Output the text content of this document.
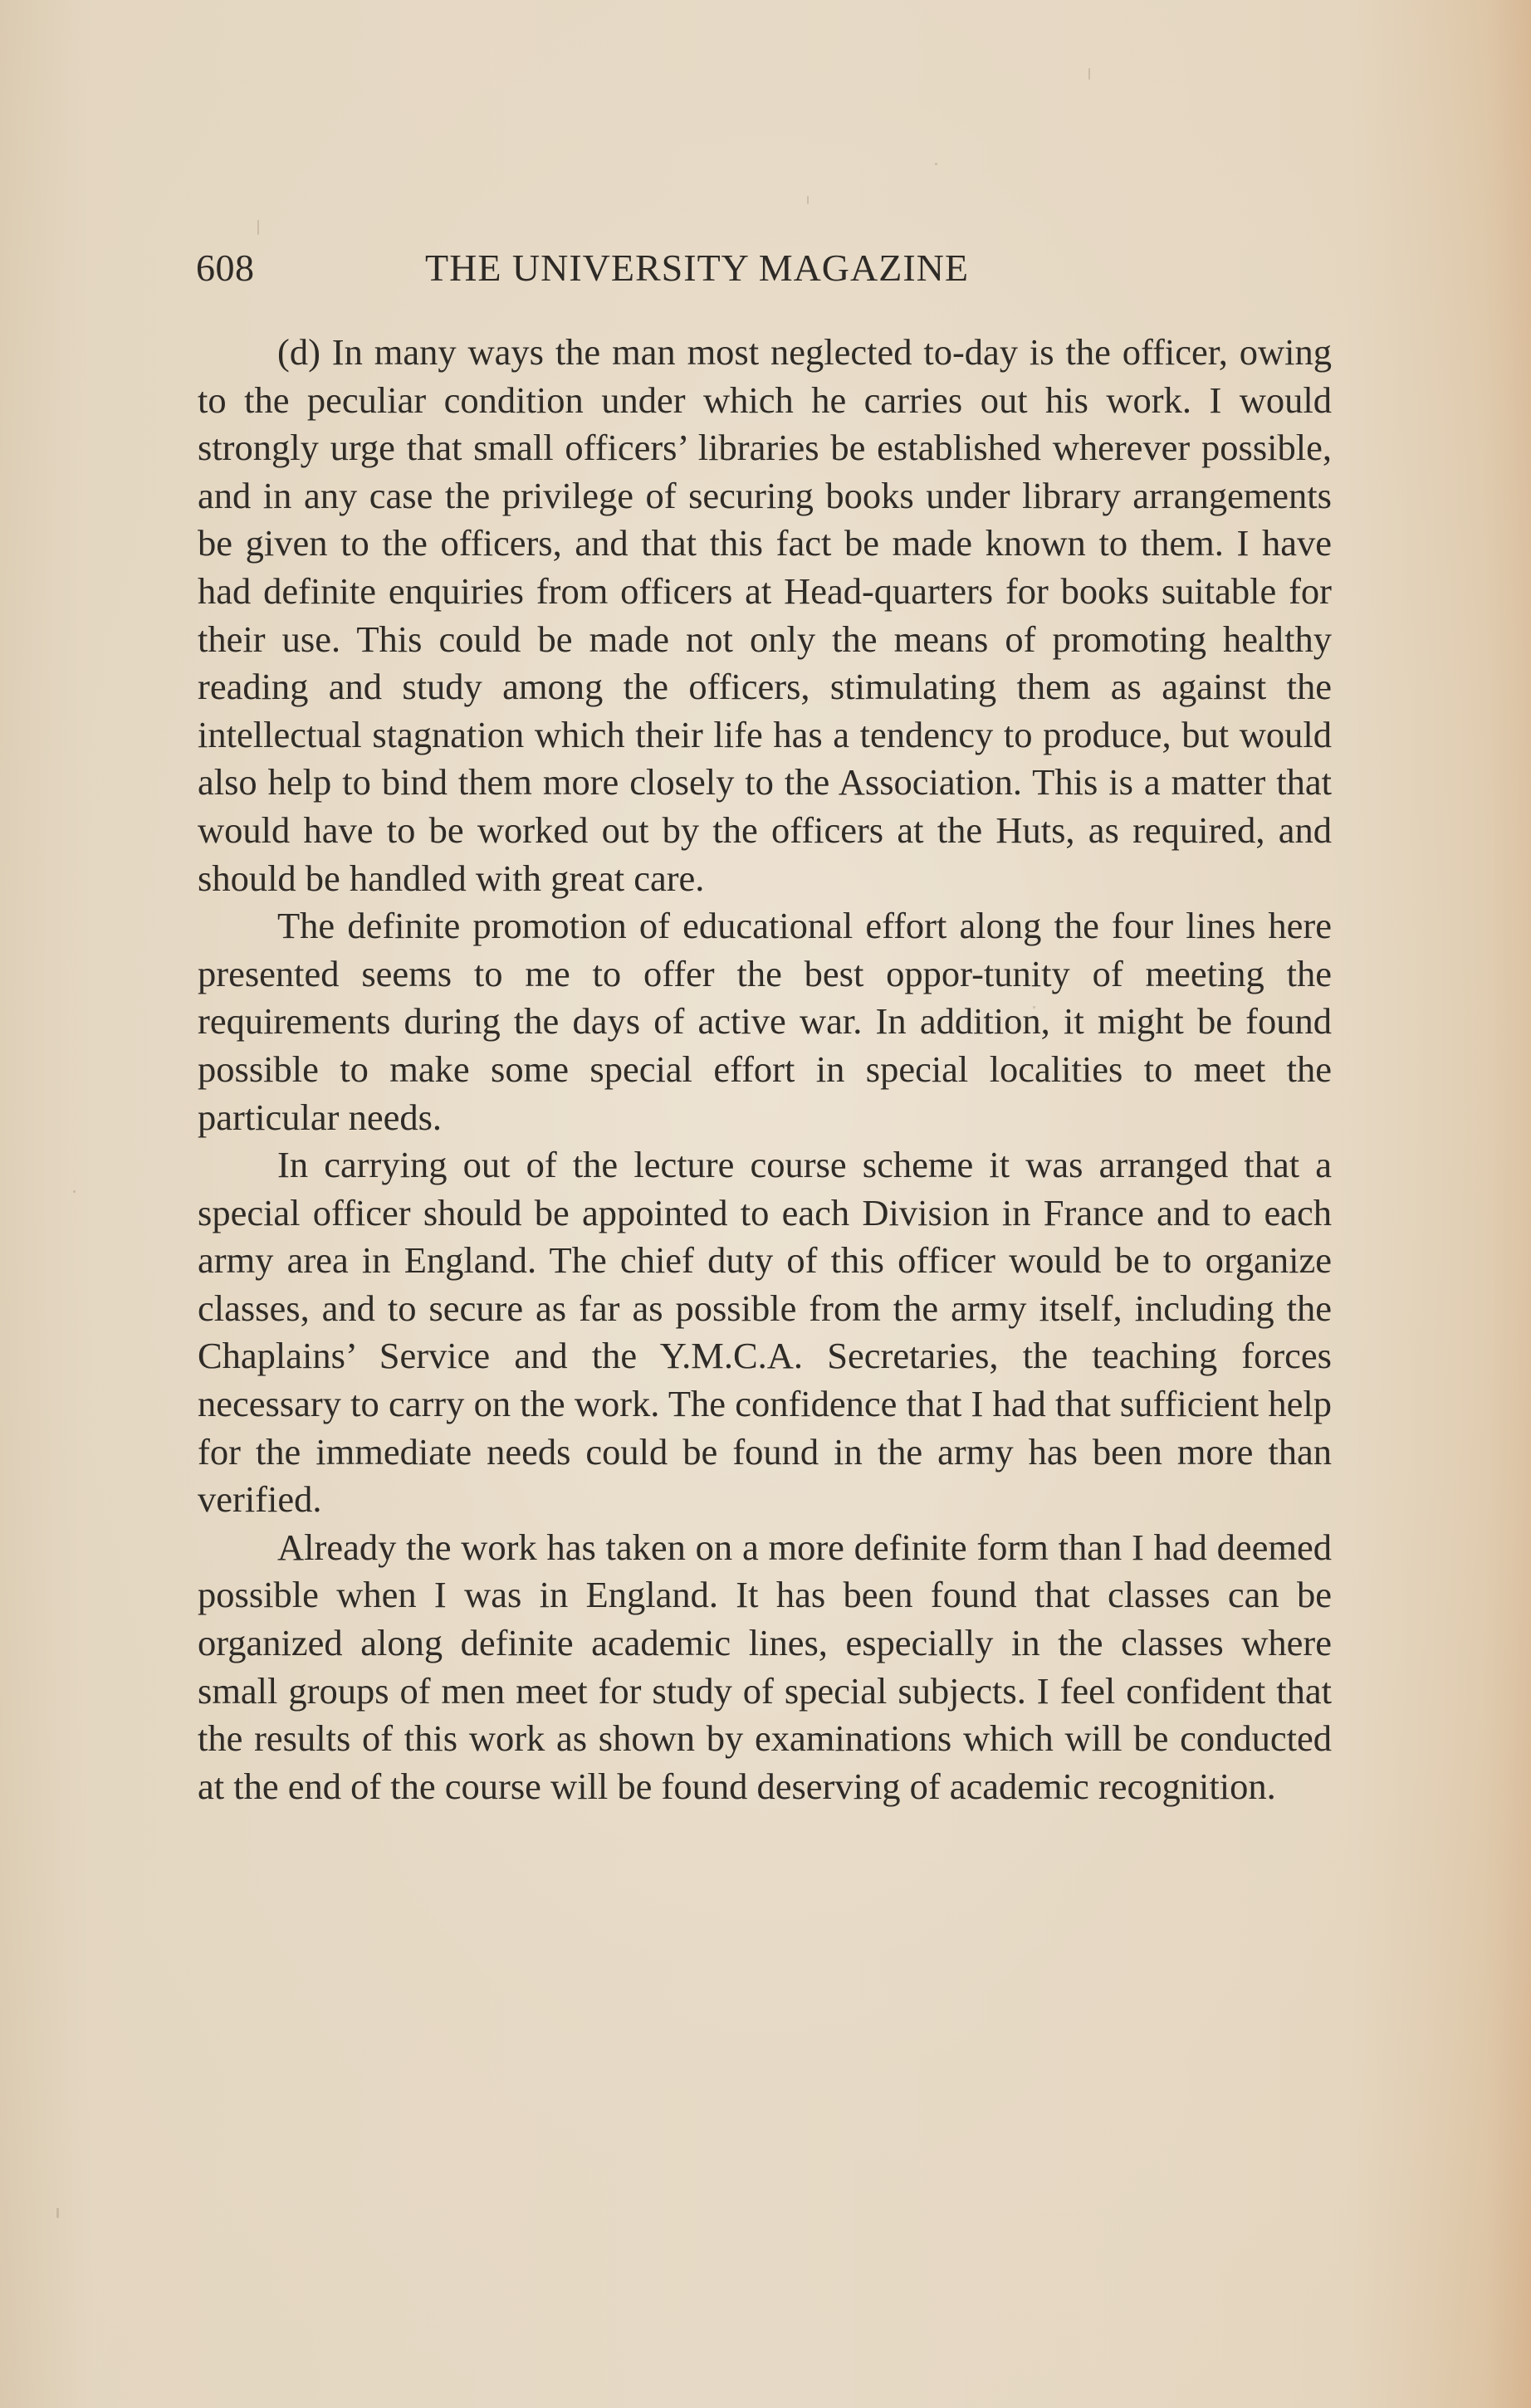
608	THE UNIVERSITY MAGAZINE

(d) In many ways the man most neglected to-day is the officer, owing to the peculiar condition under which he carries out his work. I would strongly urge that small officers’ libraries be established wherever possible, and in any case the privilege of securing books under library arrangements be given to the officers, and that this fact be made known to them. I have had definite enquiries from officers at Head-quarters for books suitable for their use. This could be made not only the means of promoting healthy reading and study among the officers, stimulating them as against the intellectual stagnation which their life has a tendency to produce, but would also help to bind them more closely to the Association. This is a matter that would have to be worked out by the officers at the Huts, as required, and should be handled with great care.

The definite promotion of educational effort along the four lines here presented seems to me to offer the best oppor-tunity of meeting the requirements during the days of active war. In addition, it might be found possible to make some special effort in special localities to meet the particular needs.

In carrying out of the lecture course scheme it was arranged that a special officer should be appointed to each Division in France and to each army area in England. The chief duty of this officer would be to organize classes, and to secure as far as possible from the army itself, including the Chaplains’ Service and the Y.M.C.A. Secretaries, the teaching forces necessary to carry on the work. The confidence that I had that sufficient help for the immediate needs could be found in the army has been more than verified.

Already the work has taken on a more definite form than I had deemed possible when I was in England. It has been found that classes can be organized along definite academic lines, especially in the classes where small groups of men meet for study of special subjects. I feel confident that the results of this work as shown by examinations which will be conducted at the end of the course will be found deserving of academic recognition.
